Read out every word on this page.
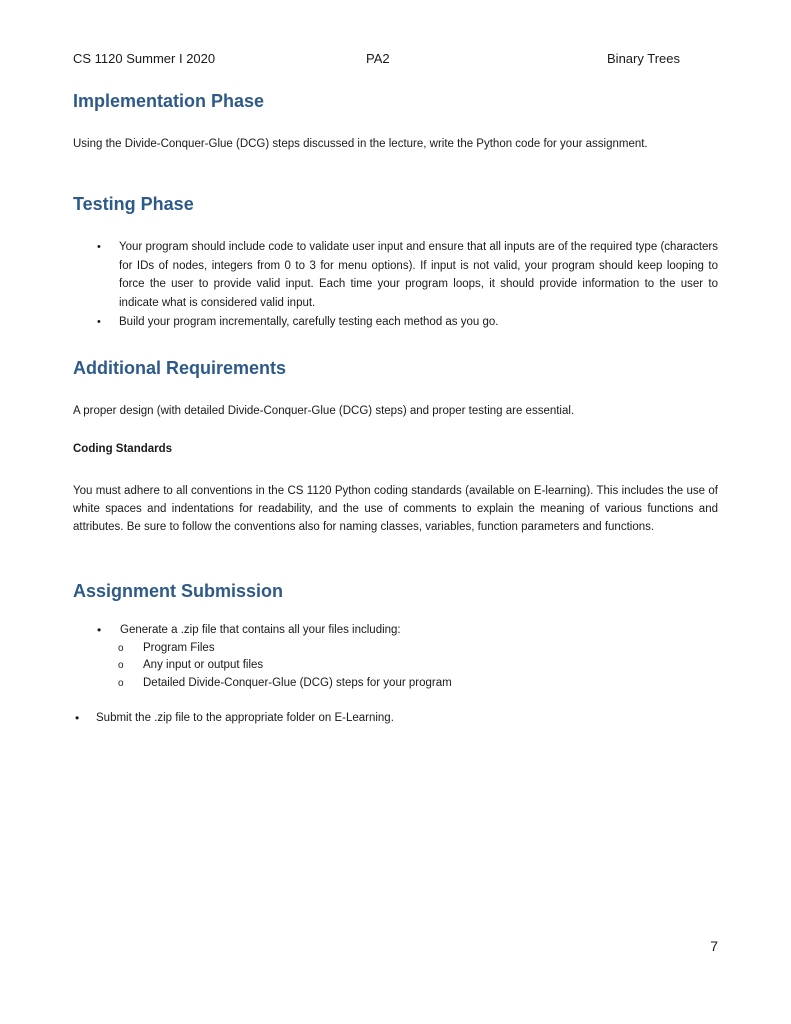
CS 1120 Summer I 2020	PA2	Binary Trees
Implementation Phase

Using the Divide-Conquer-Glue (DCG) steps discussed in the lecture, write the Python code for your assignment.

Testing Phase
• Your program should include code to validate user input and ensure that all inputs are of the required type (characters for IDs of nodes, integers from 0 to 3 for menu options). If input is not valid, your program should keep looping to force the user to provide valid input. Each time your program loops, it should provide information to the user to indicate what is considered valid input.
• Build your program incrementally, carefully testing each method as you go.
Additional Requirements

A proper design (with detailed Divide-Conquer-Glue (DCG) steps) and proper testing are essential.

Coding Standards

You must adhere to all conventions in the CS 1120 Python coding standards (available on E-learning). This includes the use of white spaces and indentations for readability, and the use of comments to explain the meaning of various functions and attributes. Be sure to follow the conventions also for naming classes, variables, function parameters and functions.

Assignment Submission
• Generate a .zip file that contains all your files including:
o Program Files
o Any input or output files
o Detailed Divide-Conquer-Glue (DCG) steps for your program

• Submit the .zip file to the appropriate folder on E-Learning.

7
